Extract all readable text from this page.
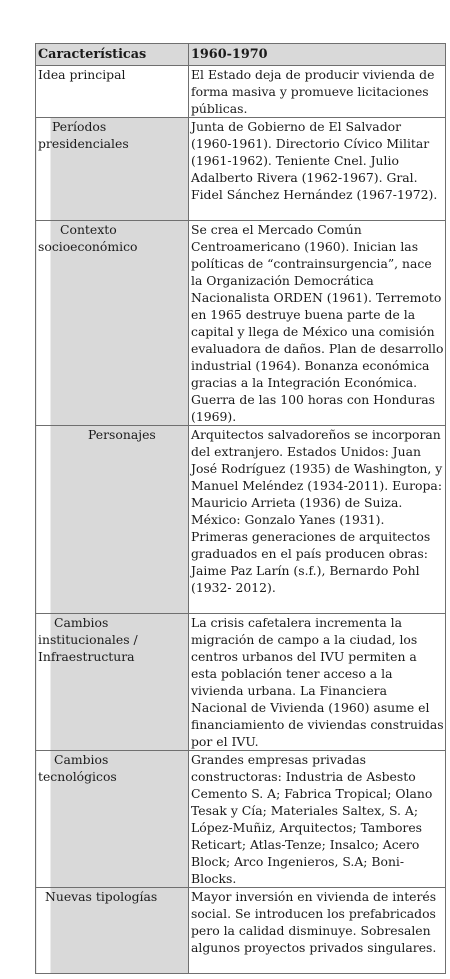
Características	1960-1970
Idea principal	El Estado deja de producir vivienda de forma masiva y promueve licitaciones públicas.
Períodos presidenciales	Junta de Gobierno de El Salvador (1960-1961). Directorio Cívico Militar (1961-1962). Teniente Cnel. Julio Adalberto Rivera (1962-1967). Gral. Fidel Sánchez Hernández (1967-1972).
Contexto socioeconómico	Se crea el Mercado Común Centroamericano (1960). Inician las políticas de “contrainsurgencia”, nace la Organización Democrática Nacionalista ORDEN (1961). Terremoto en 1965 destruye buena parte de la capital y llega de México una comisión evaluadora de daños. Plan de desarrollo industrial (1964). Bonanza económica gracias a la Integración Económica. Guerra de las 100 horas con Honduras (1969).
Personajes	Arquitectos salvadoreños se incorporan del extranjero. Estados Unidos: Juan José Rodríguez (1935) de Washington, y Manuel Meléndez (1934-2011). Europa: Mauricio Arrieta (1936) de Suiza. México: Gonzalo Yanes (1931). Primeras generaciones de arquitectos graduados en el país producen obras: Jaime Paz Larín (s.f.), Bernardo Pohl (1932- 2012).
Cambios institucionales / Infraestructura	La crisis cafetalera incrementa la migración de campo a la ciudad, los centros urbanos del IVU permiten a esta población tener acceso a la vivienda urbana. La Financiera Nacional de Vivienda (1960) asume el financiamiento de viviendas construidas por el IVU.
Cambios tecnológicos	Grandes empresas privadas constructoras: Industria de Asbesto Cemento S. A; Fabrica Tropical; Olano Tesak y Cía; Materiales Saltex, S. A; López-Muñiz, Arquitectos; Tambores Reticart; Atlas-Tenze; Insalco; Acero Block; Arco Ingenieros, S.A; Boni-Blocks.
Nuevas tipologías	Mayor inversión en vivienda de interés social. Se introducen los prefabricados pero la calidad disminuye. Sobresalen algunos proyectos privados singulares.
